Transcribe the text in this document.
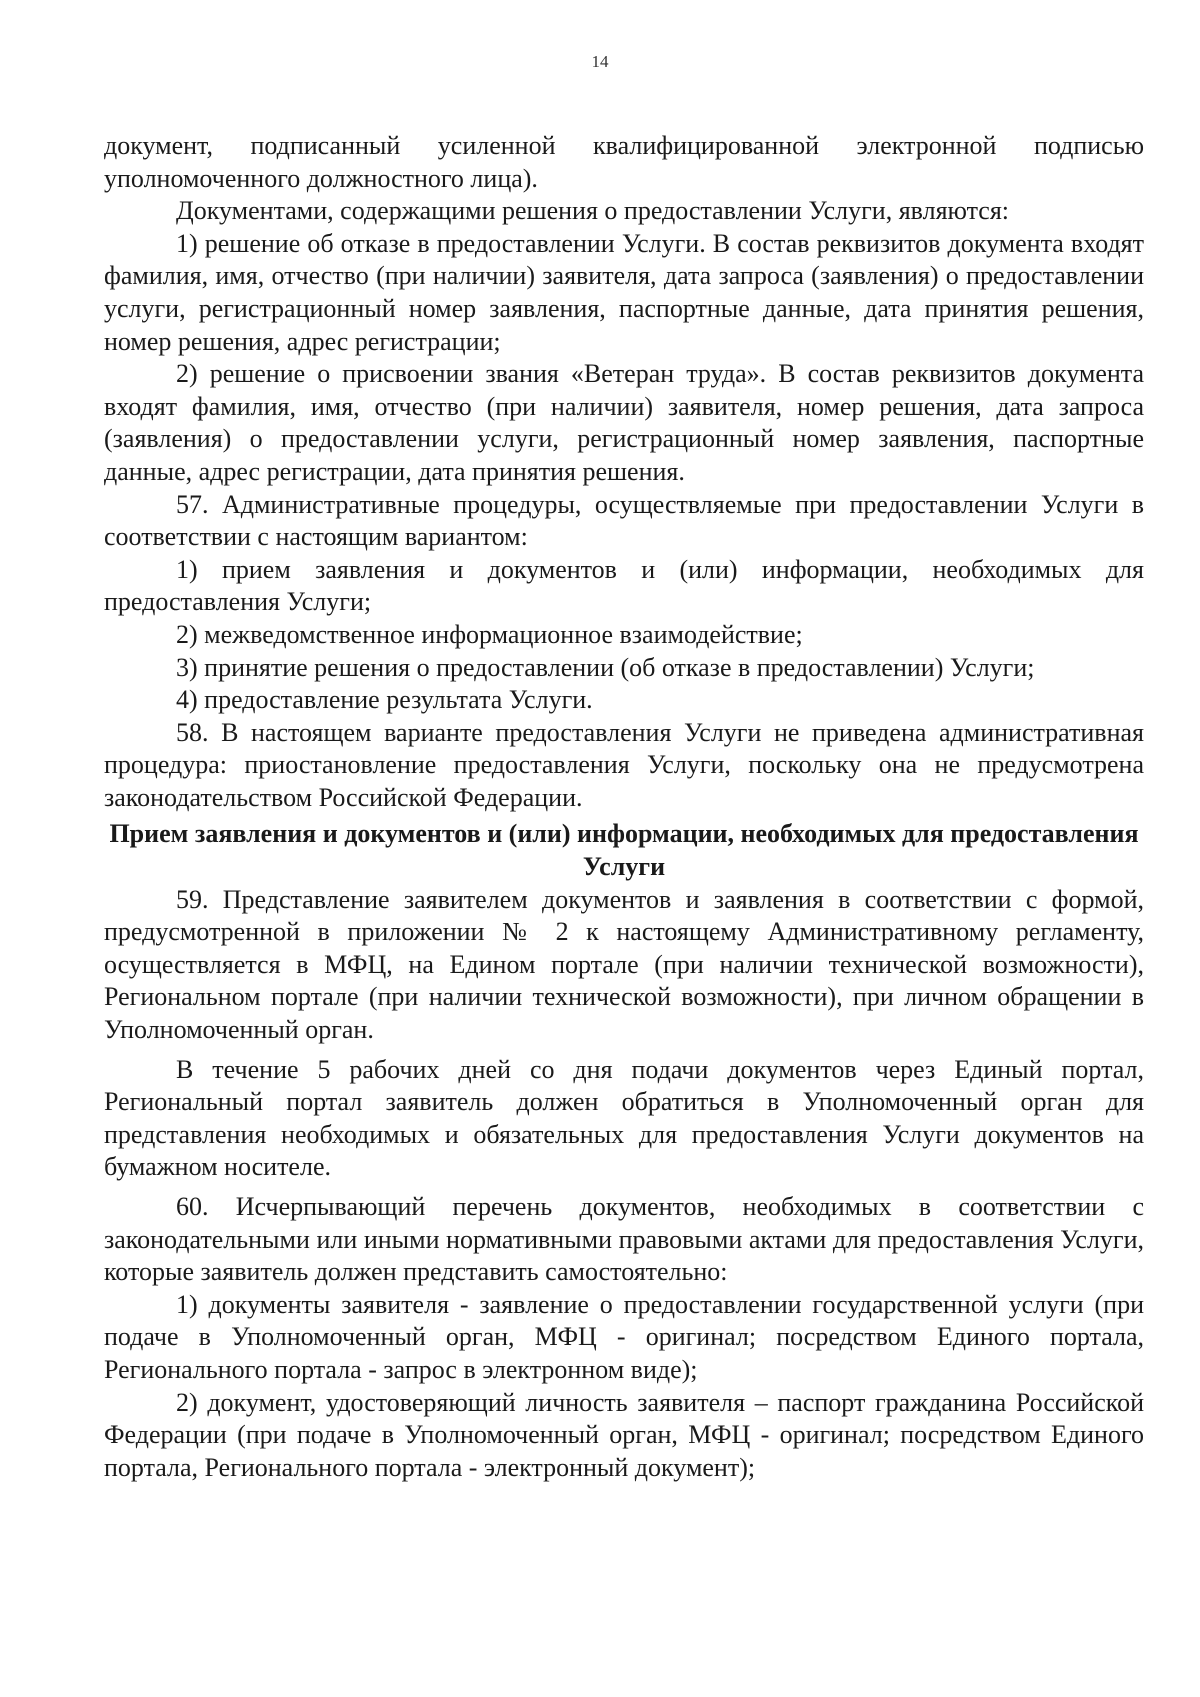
14

документ, подписанный усиленной квалифицированной электронной подписью уполномоченного должностного лица).

Документами, содержащими решения о предоставлении Услуги, являются:

1) решение об отказе в предоставлении Услуги. В состав реквизитов документа входят фамилия, имя, отчество (при наличии) заявителя, дата запроса (заявления) о предоставлении услуги, регистрационный номер заявления, паспортные данные, дата принятия решения, номер решения, адрес регистрации;

2) решение о присвоении звания «Ветеран труда». В состав реквизитов документа входят фамилия, имя, отчество (при наличии) заявителя, номер решения, дата запроса (заявления) о предоставлении услуги, регистрационный номер заявления, паспортные данные, адрес регистрации, дата принятия решения.

57. Административные процедуры, осуществляемые при предоставлении Услуги в соответствии с настоящим вариантом:

1) прием заявления и документов и (или) информации, необходимых для предоставления Услуги;

2) межведомственное информационное взаимодействие;

3) принятие решения о предоставлении (об отказе в предоставлении) Услуги;

4) предоставление результата Услуги.

58. В настоящем варианте предоставления Услуги не приведена административная процедура: приостановление предоставления Услуги, поскольку она не предусмотрена законодательством Российской Федерации.

Прием заявления и документов и (или) информации, необходимых для предоставления Услуги

59. Представление заявителем документов и заявления в соответствии с формой, предусмотренной в приложении № 2 к настоящему Административному регламенту, осуществляется в МФЦ, на Едином портале (при наличии технической возможности), Региональном портале (при наличии технической возможности), при личном обращении в Уполномоченный орган.

В течение 5 рабочих дней со дня подачи документов через Единый портал, Региональный портал заявитель должен обратиться в Уполномоченный орган для представления необходимых и обязательных для предоставления Услуги документов на бумажном носителе.

60. Исчерпывающий перечень документов, необходимых в соответствии с законодательными или иными нормативными правовыми актами для предоставления Услуги, которые заявитель должен представить самостоятельно:

1) документы заявителя - заявление о предоставлении государственной услуги (при подаче в Уполномоченный орган, МФЦ - оригинал; посредством Единого портала, Регионального портала - запрос в электронном виде);

2) документ, удостоверяющий личность заявителя – паспорт гражданина Российской Федерации (при подаче в Уполномоченный орган, МФЦ - оригинал; посредством Единого портала, Регионального портала - электронный документ);
